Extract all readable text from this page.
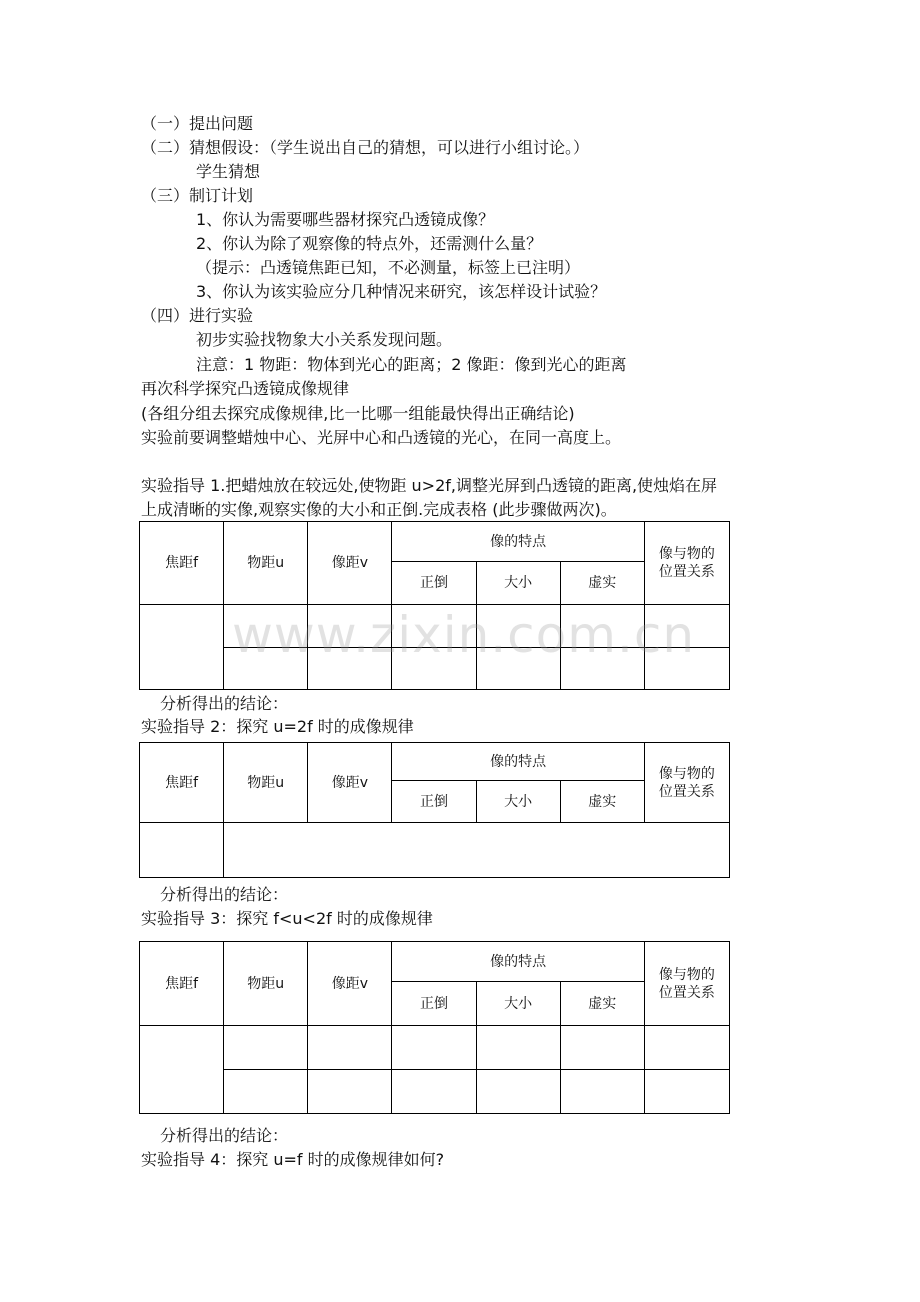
（一）提出问题
（二）猜想假设：（学生说出自己的猜想，可以进行小组讨论。）
学生猜想
（三）制订计划
1、你认为需要哪些器材探究凸透镜成像？
2、你认为除了观察像的特点外，还需测什么量？
（提示：凸透镜焦距已知，不必测量，标签上已注明）
3、你认为该实验应分几种情况来研究，该怎样设计试验？
（四）进行实验
初步实验找物象大小关系发现问题。
注意：1 物距：物体到光心的距离；2 像距：像到光心的距离
再次科学探究凸透镜成像规律
(各组分组去探究成像规律,比一比哪一组能最快得出正确结论)
实验前要调整蜡烛中心、光屏中心和凸透镜的光心，在同一高度上。
实验指导 1.把蜡烛放在较远处,使物距 u>2f,调整光屏到凸透镜的距离,使烛焰在屏
上成清晰的实像,观察实像的大小和正倒.完成表格 (此步骤做两次)。
焦距f	物距u	像距v	像的特点			像与物的
位置关系
			正倒	大小	虚实	

分析得出的结论：
实验指导 2：探究 u=2f 时的成像规律
焦距f	物距u	像距v	像的特点			像与物的
位置关系
			正倒	大小	虚实	

分析得出的结论：
实验指导 3：探究 f<u<2f 时的成像规律
焦距f	物距u	像距v	像的特点			像与物的
位置关系
			正倒	大小	虚实	

分析得出的结论：
实验指导 4：探究 u=f 时的成像规律如何?
www.zixin.com.cn
